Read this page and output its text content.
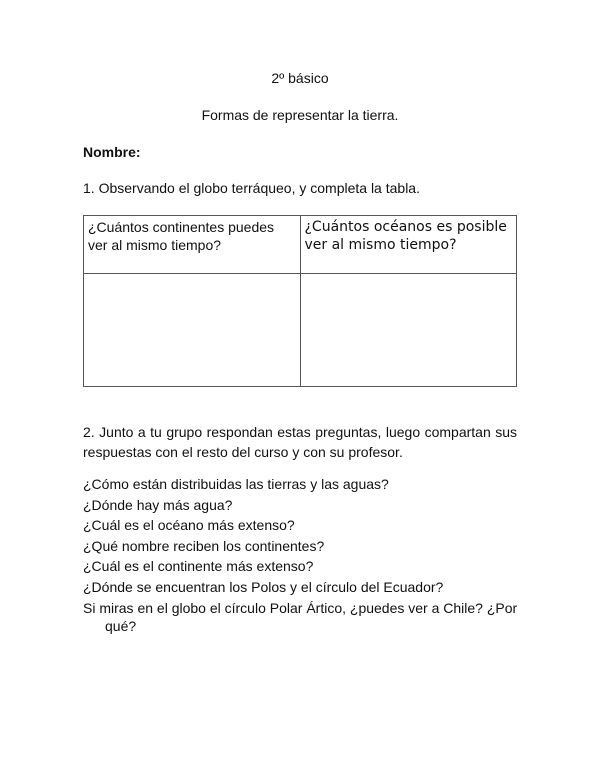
2º básico

Formas de representar la tierra.

Nombre:

1. Observando el globo terráqueo, y completa la tabla.

¿Cuántos continentes puedes ver al mismo tiempo?	¿Cuántos océanos es posible ver al mismo tiempo?

2. Junto a tu grupo respondan estas preguntas, luego compartan sus respuestas con el resto del curso y con su profesor.

¿Cómo están distribuidas las tierras y las aguas?
¿Dónde hay más agua?
¿Cuál es el océano más extenso?
¿Qué nombre reciben los continentes?
¿Cuál es el continente más extenso?
¿Dónde se encuentran los Polos y el círculo del Ecuador?
Si miras en el globo el círculo Polar Ártico, ¿puedes ver a Chile? ¿Por qué?
